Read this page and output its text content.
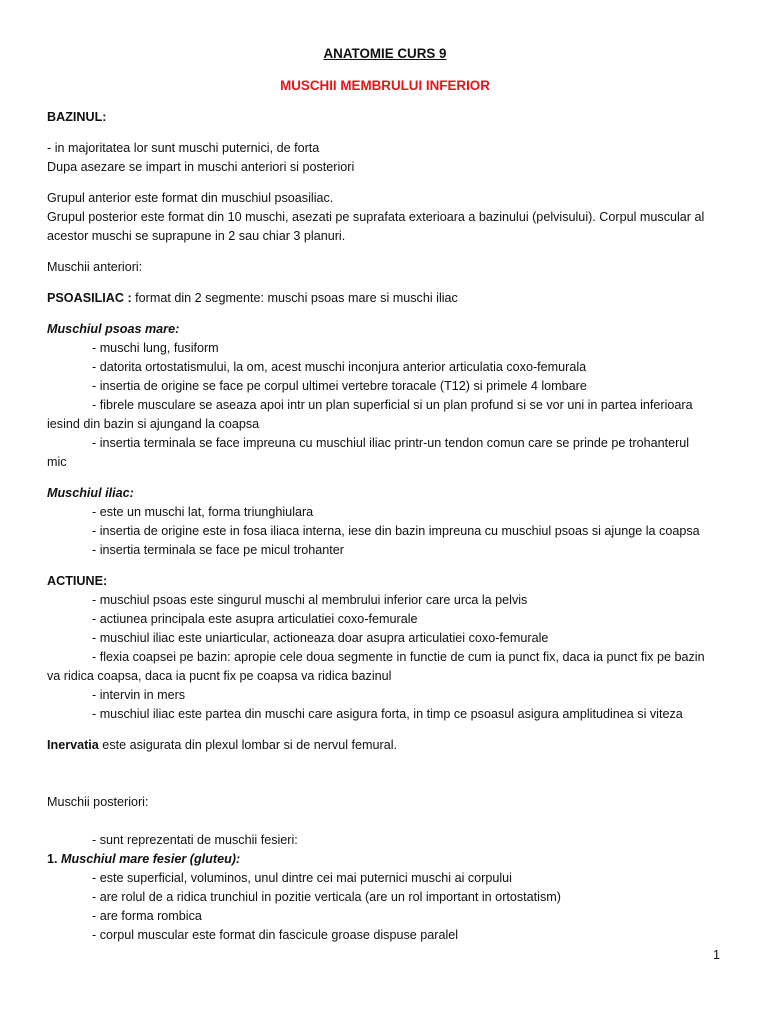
ANATOMIE CURS 9

MUSCHII MEMBRULUI INFERIOR

BAZINUL:

- in majoritatea lor sunt muschi puternici, de forta

Dupa asezare se impart in muschi anteriori si posteriori

Grupul anterior este format din muschiul psoasiliac.

Grupul posterior este format din 10 muschi, asezati pe suprafata exterioara a bazinului (pelvisului). Corpul muscular al acestor muschi se suprapune in 2 sau chiar 3 planuri.

Muschii anteriori:

PSOASILIAC : format din 2 segmente: muschi psoas mare si muschi iliac

Muschiul psoas mare:

- muschi lung, fusiform

- datorita ortostatismului, la om, acest muschi inconjura anterior articulatia coxo-femurala

- insertia de origine se face pe corpul ultimei vertebre toracale (T12) si primele 4 lombare

- fibrele musculare se aseaza apoi intr un plan superficial si un plan profund si se vor uni in partea inferioara

iesind din bazin si ajungand la coapsa

- insertia terminala se face impreuna cu muschiul iliac printr-un tendon comun care se prinde pe trohanterul

mic

Muschiul iliac:

- este un muschi lat, forma triunghiulara

- insertia de origine este in fosa iliaca interna, iese din bazin impreuna cu muschiul psoas si ajunge la coapsa

- insertia terminala se face pe micul trohanter

ACTIUNE:

- muschiul psoas este singurul muschi al membrului inferior care urca la pelvis

- actiunea principala este asupra articulatiei coxo-femurale

- muschiul iliac este uniarticular, actioneaza doar asupra articulatiei coxo-femurale

- flexia coapsei pe bazin: apropie cele doua segmente in functie de cum ia punct fix, daca ia punct fix pe bazin

va ridica coapsa, daca ia pucnt fix pe coapsa va ridica bazinul

- intervin in mers

- muschiul iliac este partea din muschi care asigura forta, in timp ce psoasul asigura amplitudinea si viteza

Inervatia este asigurata din plexul lombar si de nervul femural.

Muschii posteriori:

- sunt reprezentati de muschii fesieri:

1. Muschiul mare fesier (gluteu):

- este superficial, voluminos, unul dintre cei mai puternici muschi ai corpului

- are rolul de a ridica trunchiul in pozitie verticala (are un rol important in ortostatism)

- are forma rombica

- corpul muscular este format din fascicule groase dispuse paralel

1
